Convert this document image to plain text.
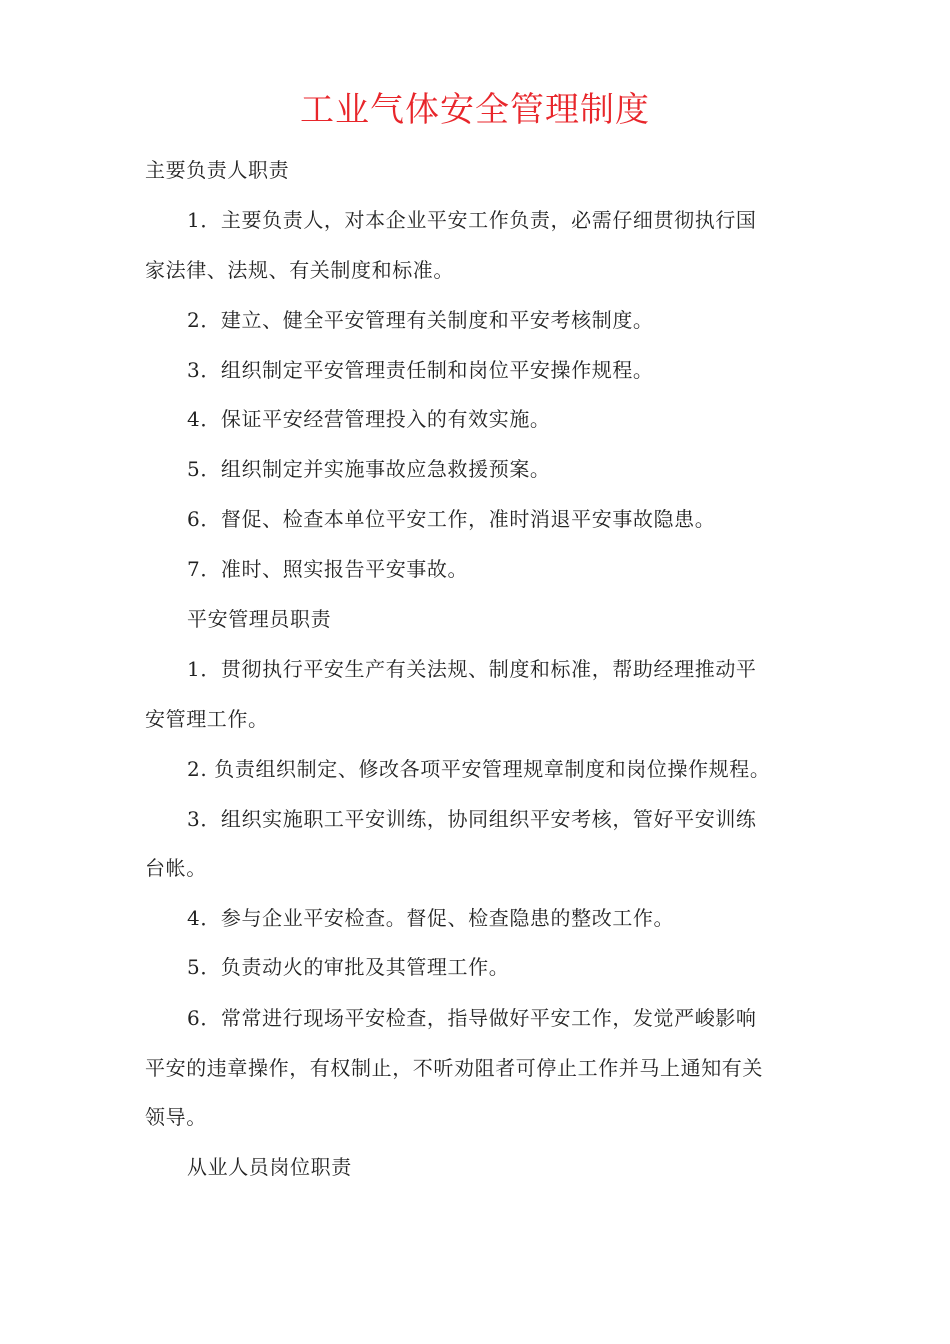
工业气体安全管理制度
主要负责人职责
1．主要负责人，对本企业平安工作负责，必需仔细贯彻执行国
家法律、法规、有关制度和标准。
2．建立、健全平安管理有关制度和平安考核制度。
3．组织制定平安管理责任制和岗位平安操作规程。
4．保证平安经营管理投入的有效实施。
5．组织制定并实施事故应急救援预案。
6．督促、检查本单位平安工作，准时消退平安事故隐患。
7．准时、照实报告平安事故。
平安管理员职责
1．贯彻执行平安生产有关法规、制度和标准，帮助经理推动平
安管理工作。
2. 负责组织制定、修改各项平安管理规章制度和岗位操作规程。
3．组织实施职工平安训练，协同组织平安考核，管好平安训练
台帐。
4．参与企业平安检查。督促、检查隐患的整改工作。
5．负责动火的审批及其管理工作。
6．常常进行现场平安检查，指导做好平安工作，发觉严峻影响
平安的违章操作，有权制止，不听劝阻者可停止工作并马上通知有关
领导。
从业人员岗位职责
